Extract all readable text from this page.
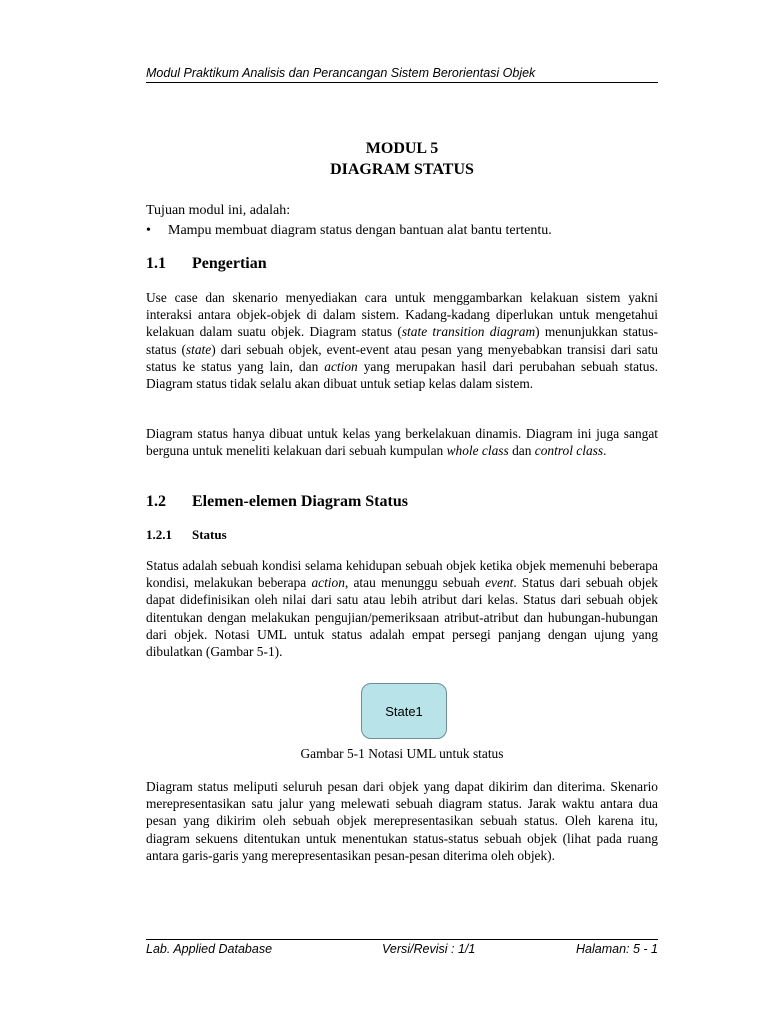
Modul Praktikum Analisis dan Perancangan Sistem Berorientasi Objek
MODUL 5
DIAGRAM STATUS
Tujuan modul ini, adalah:
•	Mampu membuat diagram status dengan bantuan alat bantu tertentu.
1.1	Pengertian
Use case dan skenario menyediakan cara untuk menggambarkan kelakuan sistem yakni interaksi antara objek-objek di dalam sistem. Kadang-kadang diperlukan untuk mengetahui kelakuan dalam suatu objek. Diagram status (state transition diagram) menunjukkan status-status (state) dari sebuah objek, event-event atau pesan yang menyebabkan transisi dari satu status ke status yang lain, dan action yang merupakan hasil dari perubahan sebuah status. Diagram status tidak selalu akan dibuat untuk setiap kelas dalam sistem.
Diagram status hanya dibuat untuk kelas yang berkelakuan dinamis. Diagram ini juga sangat berguna untuk meneliti kelakuan dari sebuah kumpulan whole class dan control class.
1.2	Elemen-elemen Diagram Status
1.2.1	Status
Status adalah sebuah kondisi selama kehidupan sebuah objek ketika objek memenuhi beberapa kondisi, melakukan beberapa action, atau menunggu sebuah event. Status dari sebuah objek dapat didefinisikan oleh nilai dari satu atau lebih atribut dari kelas. Status dari sebuah objek ditentukan dengan melakukan pengujian/pemeriksaan atribut-atribut dan hubungan-hubungan dari objek. Notasi UML untuk status adalah empat persegi panjang dengan ujung yang dibulatkan (Gambar 5-1).
State1
Gambar 5-1 Notasi UML untuk status
Diagram status meliputi seluruh pesan dari objek yang dapat dikirim dan diterima. Skenario merepresentasikan satu jalur yang melewati sebuah diagram status. Jarak waktu antara dua pesan yang dikirim oleh sebuah objek merepresentasikan sebuah status. Oleh karena itu, diagram sekuens ditentukan untuk menentukan status-status sebuah objek (lihat pada ruang antara garis-garis yang merepresentasikan pesan-pesan diterima oleh objek).
Lab. Applied Database	Versi/Revisi : 1/1	Halaman: 5 - 1
